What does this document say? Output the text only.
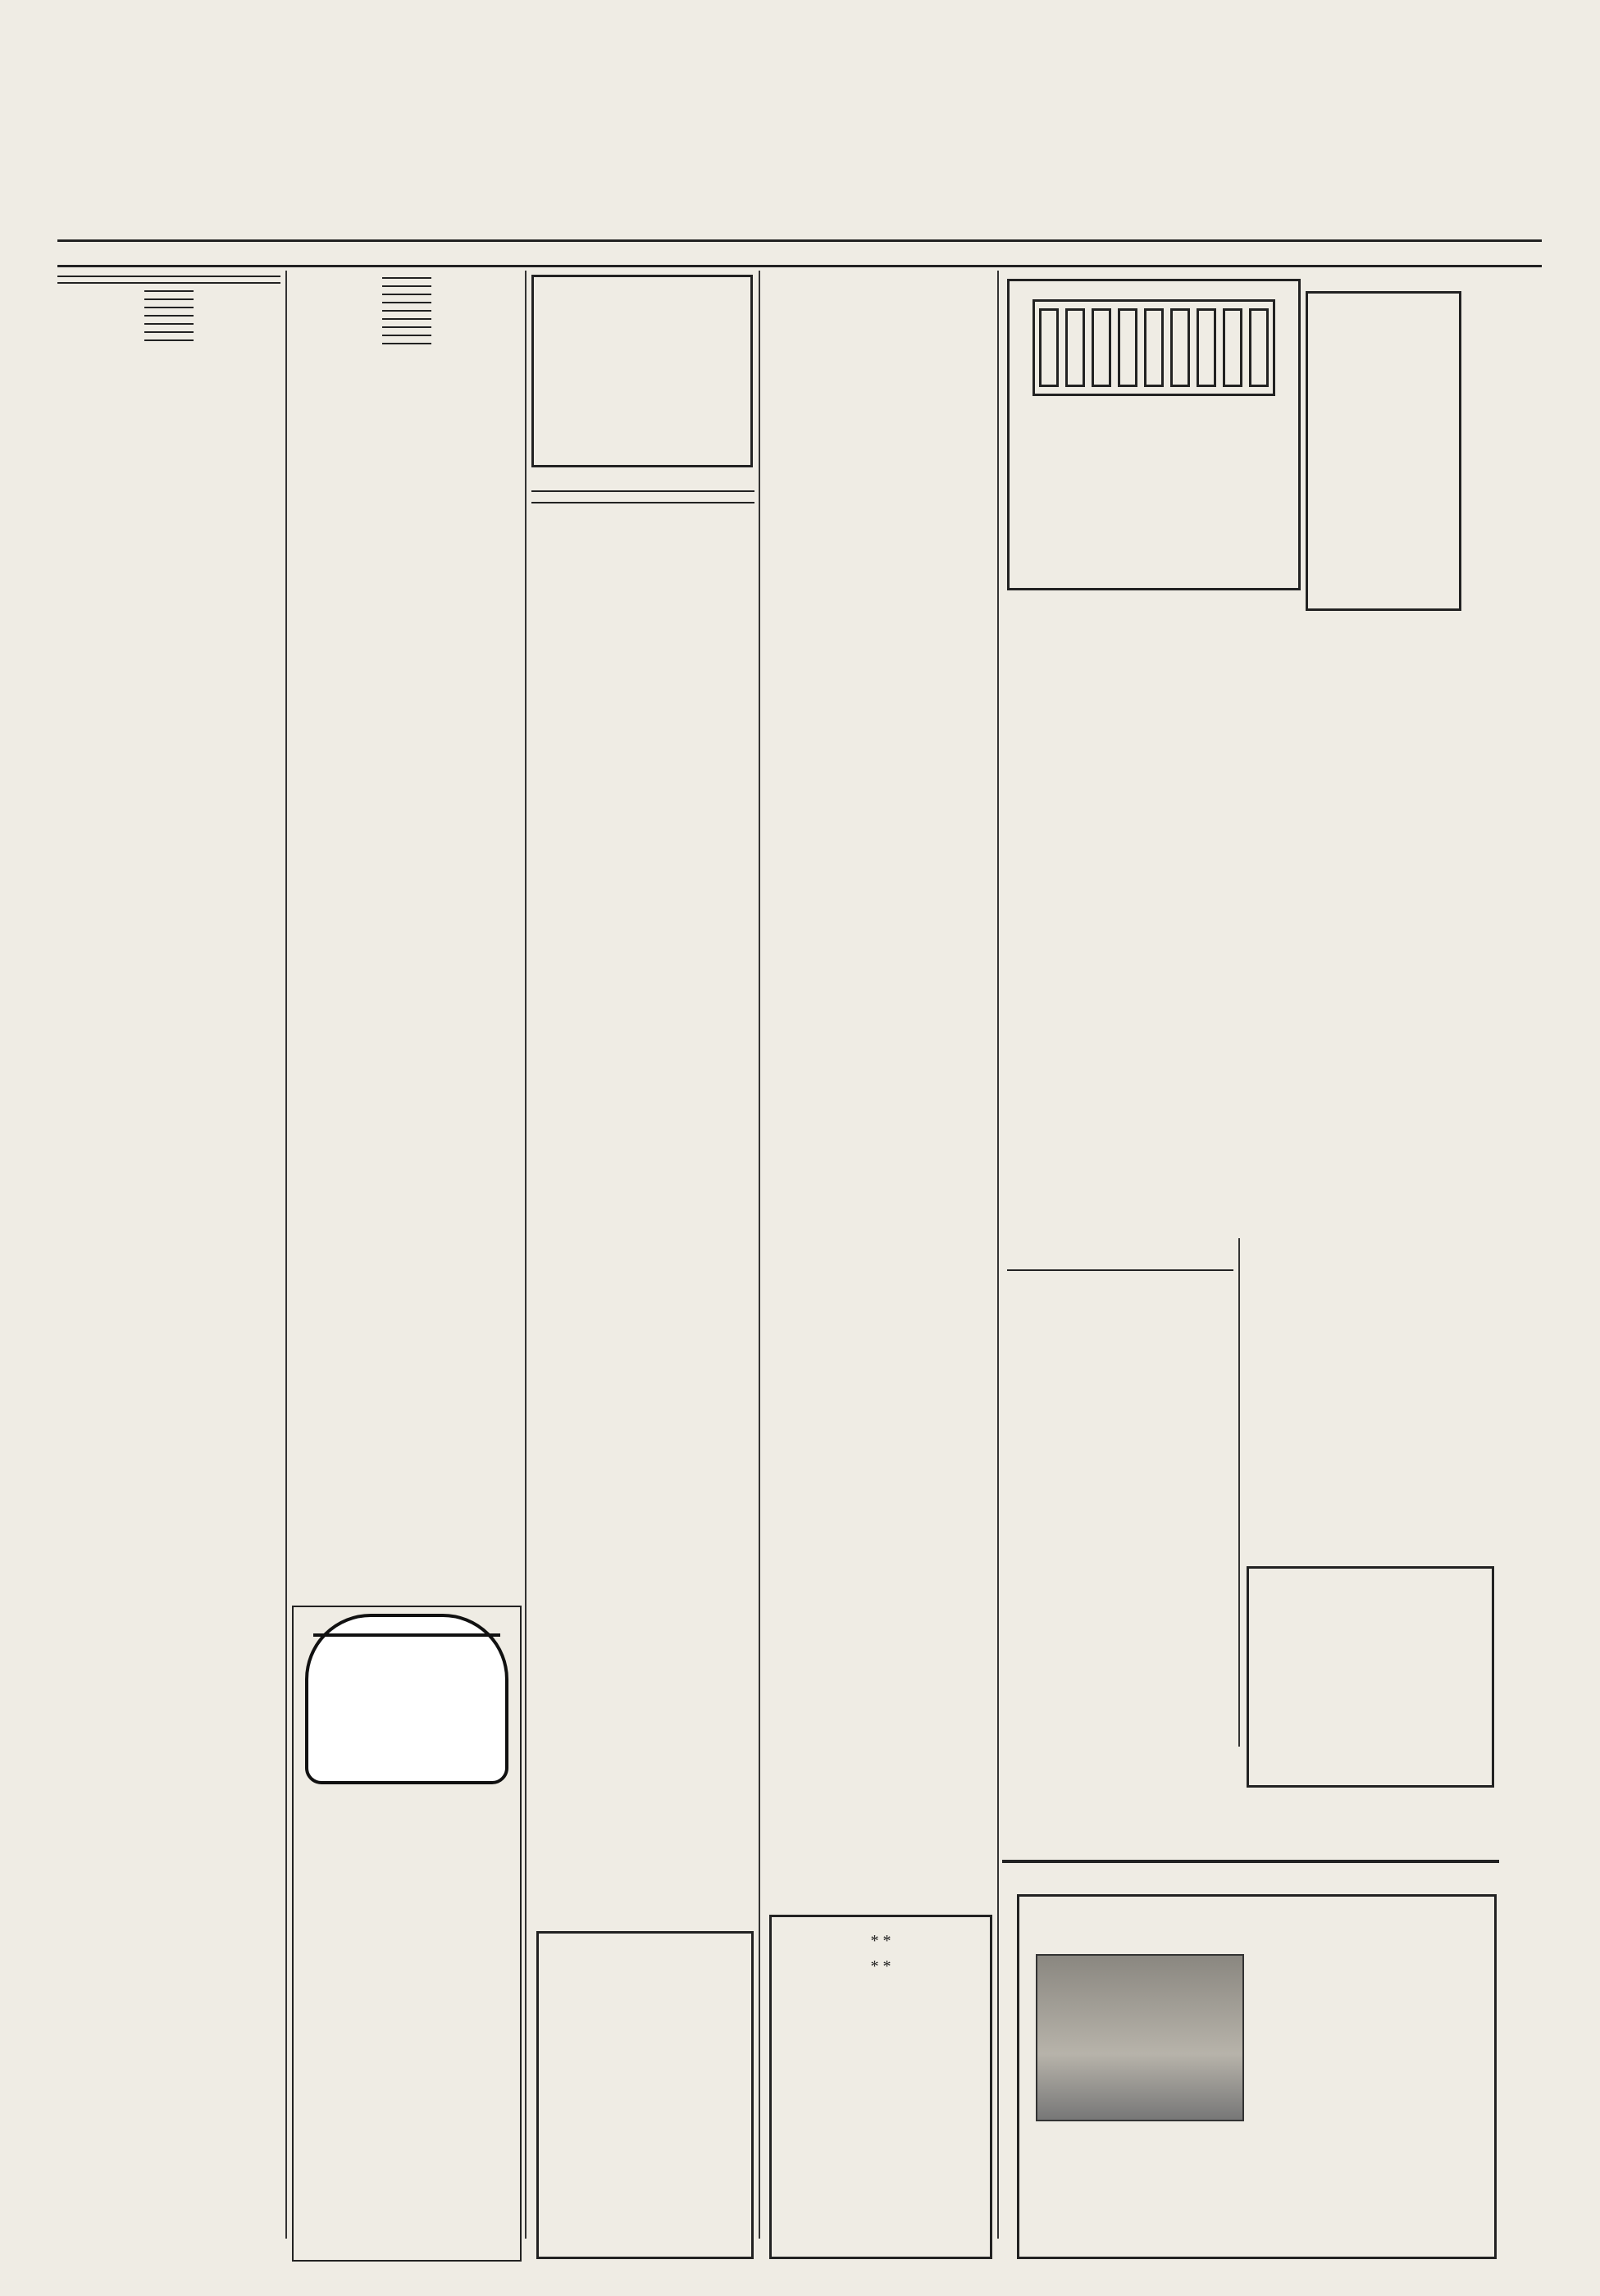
* *
* *
